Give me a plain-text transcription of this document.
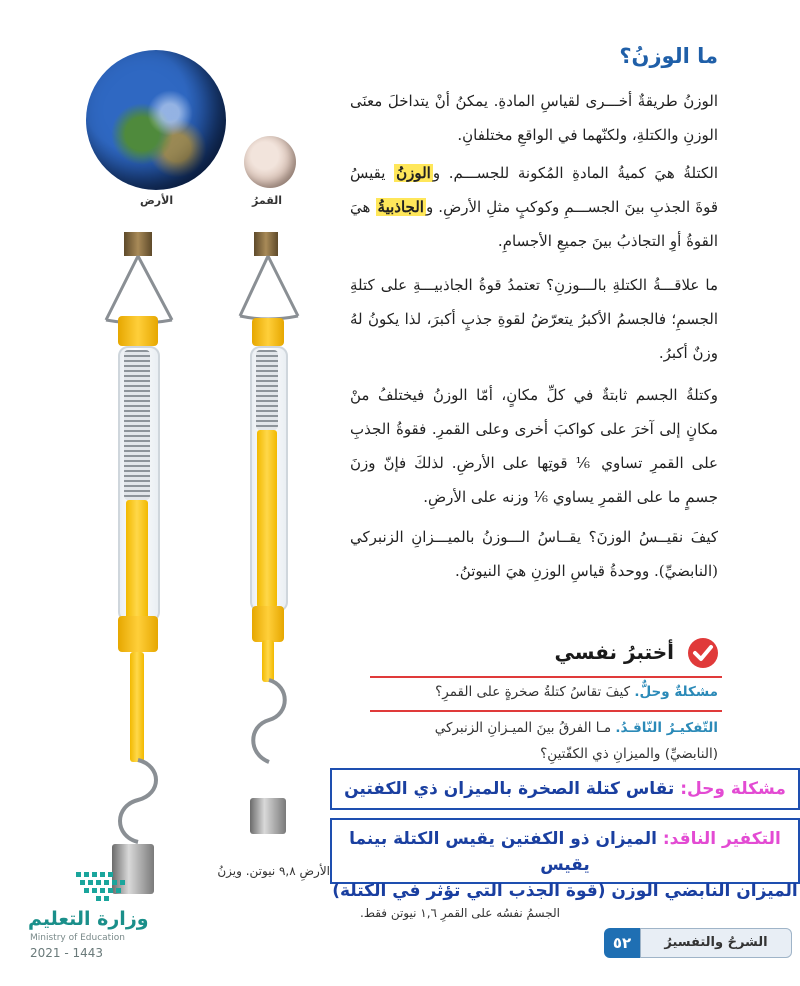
ما الوزنُ؟

الوزنُ طريقةٌ أخـــرى لقياسِ المادةِ. يمكنُ أنْ يتداخلَ معنَى الوزنِ والكتلةِ، ولكنّهما في الواقعِ مختلفانِ.

الكتلةُ هيَ كميةُ المادةِ المُكونة للجســـم. والوزنُ يقيسُ قوةَ الجذبِ بينَ الجســـمِ وكوكبٍ مثلِ الأرضِ. والجاذبيةُ هيَ القوةُ أوِ التجاذبُ بينَ جميعِ الأجسامِ.

ما علاقـــةُ الكتلةِ بالـــوزنِ؟ تعتمدُ قوةُ الجاذبيـــةِ على كتلةِ الجسمِ؛ فالجسمُ الأكبرُ يتعرّضُ لقوةِ جذبٍ أكبرَ، لذا يكونُ لهُ وزنٌ أكبرُ.

وكتلةُ الجسم ثابتةٌ في كلِّ مكانٍ، أمّا الوزنُ فيختلفُ منْ مكانٍ إلى آخرَ على كواكبَ أخرى وعلى القمرِ. فقوةُ الجذبِ على القمرِ تساوي ⅙ قوتِها على الأرضِ. لذلكَ فإنّ وزنَ جسمٍ ما على القمرِ يساوي ⅙ وزنه على الأرضِ.

كيفَ نقيــسُ الوزنَ؟ يقــاسُ الـــوزنُ بالميـــزانِ الزنبركي (النابضيِّ). ووحدةُ قياسِ الوزنِ هيَ النيوتنُ.

الأرض	القمرُ
أختبرُ نفسي
مشكلةٌ وحلٌّ. كيفَ تقاسُ كتلةُ صخرةٍ على القمرِ؟
التّفكيـرُ النّاقـدُ. مـا الفرقُ بينَ الميـزانِ الزنبركي
(النابضيِّ) والميزانِ ذي الكفّتينِ؟
مشكلة وحل: تقاس كتلة الصخرة بالميزان ذي الكفتين
التكفير الناقد: الميزان ذو الكفتين يقيس الكتلة بينما يقيس
الميزان النابضي الوزن (قوة الجذب التي تؤثر في الكتلة)
الأرضِ ٩,٨ نيوتن. ويزنُ
الجسمُ نفسُه على القمرِ ١,٦ نيوتن فقط.
وزارة التعليم
Ministry of Education
2021 - 1443
الشرحُ والتفسيرُ
٥٢
